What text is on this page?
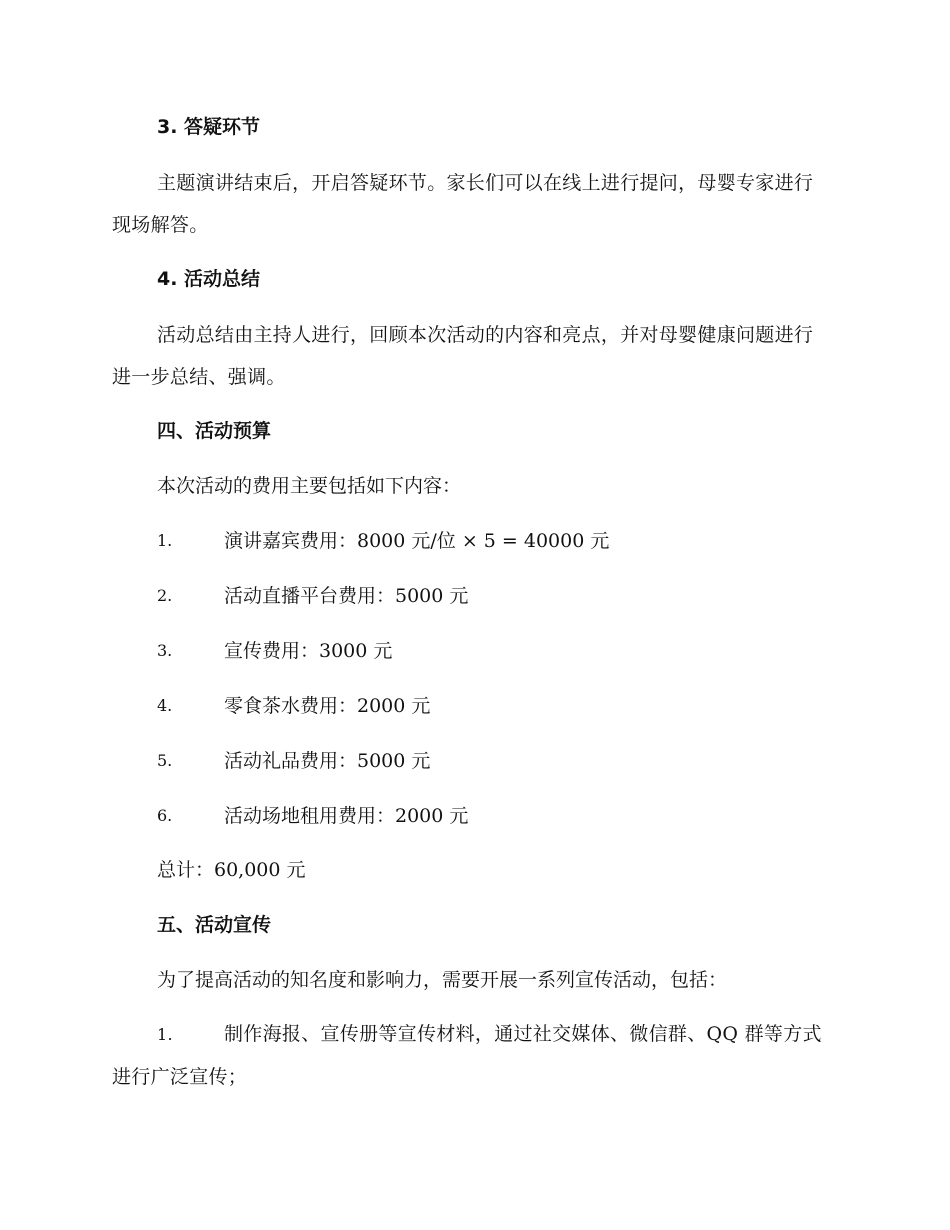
3. 答疑环节
主题演讲结束后，开启答疑环节。家长们可以在线上进行提问，母婴专家进行现场解答。
4. 活动总结
活动总结由主持人进行，回顾本次活动的内容和亮点，并对母婴健康问题进行进一步总结、强调。
四、活动预算
本次活动的费用主要包括如下内容：
1.	演讲嘉宾费用：8000 元/位 × 5 = 40000 元
2.	活动直播平台费用：5000 元
3.	宣传费用：3000 元
4.	零食茶水费用：2000 元
5.	活动礼品费用：5000 元
6.	活动场地租用费用：2000 元
总计：60,000 元
五、活动宣传
为了提高活动的知名度和影响力，需要开展一系列宣传活动，包括：
1.	制作海报、宣传册等宣传材料，通过社交媒体、微信群、QQ 群等方式进行广泛宣传；
